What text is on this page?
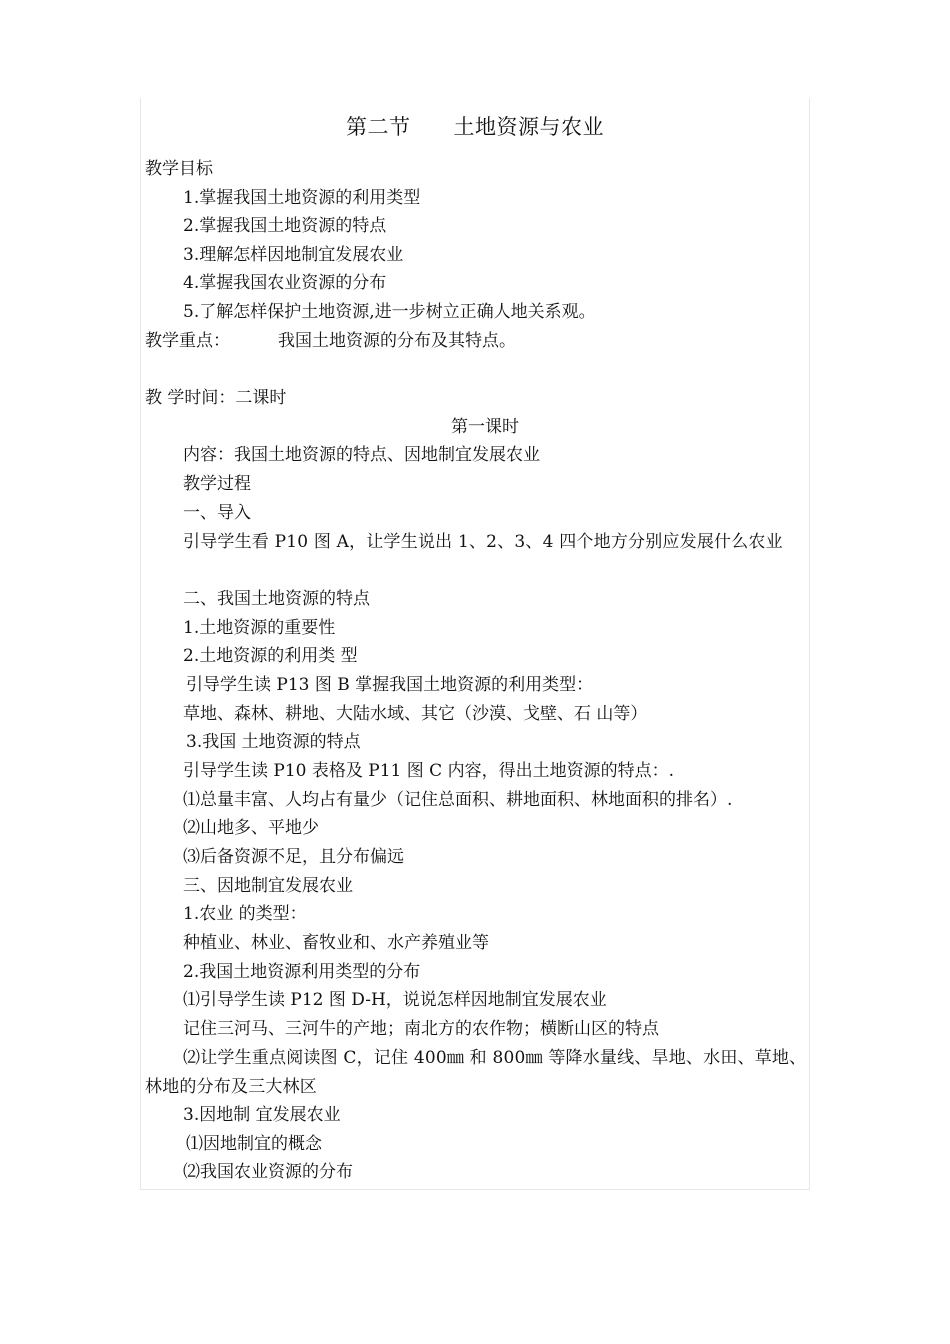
第二节　　土地资源与农业
教学目标
1.掌握我国土地资源的利用类型
2.掌握我国土地资源的特点
3.理解怎样因地制宜发展农业
4.掌握我国农业资源的分布
5.了解怎样保护土地资源,进一步树立正确人地关系观。
教学重点：	我国土地资源的分布及其特点。
教 学时间：二课时
第一课时
内容：我国土地资源的特点、因地制宜发展农业
教学过程
一、导入
引导学生看 P10 图 A，让学生说出 1、2、3、4 四个地方分别应发展什么农业
二、我国土地资源的特点
1.土地资源的重要性
2.土地资源的利用类 型
引导学生读 P13 图 B 掌握我国土地资源的利用类型：
草地、森林、耕地、大陆水域、其它（沙漠、戈壁、石 山等）
3.我国 土地资源的特点
引导学生读 P10 表格及 P11 图 C 内容，得出土地资源的特点：.
⑴总量丰富、人均占有量少（记住总面积、耕地面积、林地面积的排名）.
⑵山地多、平地少
⑶后备资源不足，且分布偏远
三、因地制宜发展农业
1.农业 的类型：
种植业、林业、畜牧业和、水产养殖业等
2.我国土地资源利用类型的分布
⑴引导学生读 P12 图 D-H，说说怎样因地制宜发展农业
记住三河马、三河牛的产地；南北方的农作物；横断山区的特点
⑵让学生重点阅读图 C，记住 400㎜ 和 800㎜ 等降水量线、旱地、水田、草地、林地的分布及三大林区
3.因地制 宜发展农业
⑴因地制宜的概念
⑵我国农业资源的分布
